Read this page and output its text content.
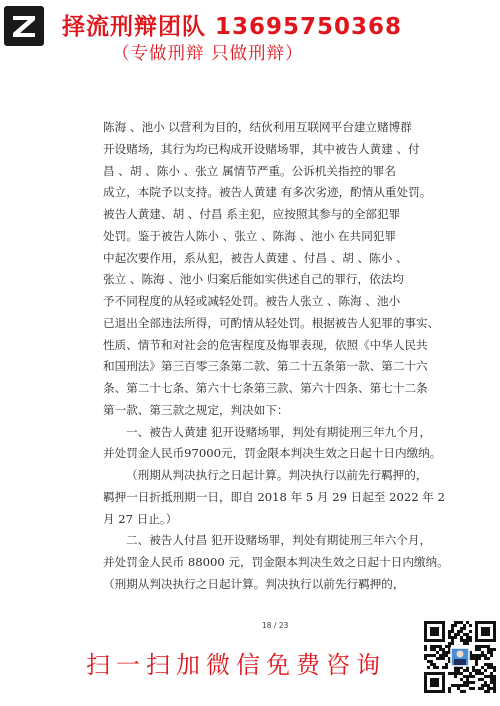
择流刑辩团队 13695750368
（专做刑辩 只做刑辩）

陈海 、池小 以营利为目的，结伙利用互联网平台建立赌博群

开设赌场，其行为均已构成开设赌场罪，其中被告人黄建 、付

昌 、胡 、陈小 、张立 属情节严重。公诉机关指控的罪名

成立，本院予以支持。被告人黄建 有多次劣迹，酌情从重处罚。

被告人黄建、胡 、付昌 系主犯，应按照其参与的全部犯罪

处罚。鉴于被告人陈小 、张立 、陈海 、池小 在共同犯罪

中起次要作用，系从犯，被告人黄建 、付昌 、胡 、陈小 、

张立 、陈海 、池小 归案后能如实供述自己的罪行，依法均

予不同程度的从轻或减轻处罚。被告人张立 、陈海 、池小

已退出全部违法所得，可酌情从轻处罚。根据被告人犯罪的事实、

性质、情节和对社会的危害程度及悔罪表现，依照《中华人民共

和国刑法》第三百零三条第二款、第二十五条第一款、第二十六

条、第二十七条、第六十七条第三款、第六十四条、第七十二条

第一款、第三款之规定，判决如下：

一、被告人黄建 犯开设赌场罪，判处有期徒刑三年九个月，

并处罚金人民币97000元，罚金限本判决生效之日起十日内缴纳。

（刑期从判决执行之日起计算。判决执行以前先行羁押的，

羁押一日折抵刑期一日，即自 2018 年 5 月 29 日起至 2022 年 2

月 27 日止。）

二、被告人付昌 犯开设赌场罪，判处有期徒刑三年六个月，

并处罚金人民币 88000 元，罚金限本判决生效之日起十日内缴纳。

（刑期从判决执行之日起计算。判决执行以前先行羁押的，

18 / 23
扫一扫加微信免费咨询
